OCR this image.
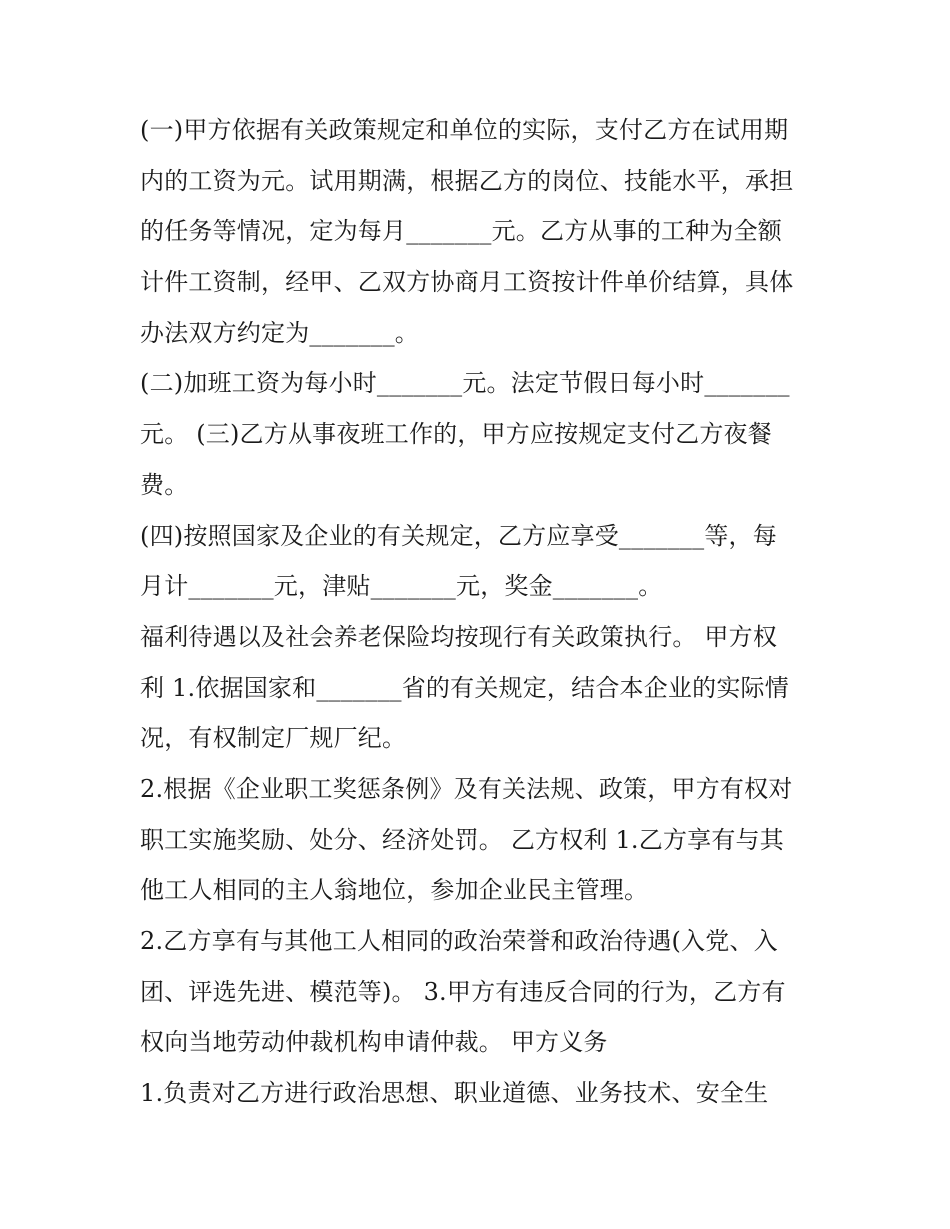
(一)甲方依据有关政策规定和单位的实际，支付乙方在试用期
内的工资为元。试用期满，根据乙方的岗位、技能水平，承担
的任务等情况，定为每月_______元。乙方从事的工种为全额
计件工资制，经甲、乙双方协商月工资按计件单价结算，具体
办法双方约定为_______。
(二)加班工资为每小时_______元。法定节假日每小时_______
元。 (三)乙方从事夜班工作的，甲方应按规定支付乙方夜餐
费。
(四)按照国家及企业的有关规定，乙方应享受_______等，每
月计_______元，津贴_______元，奖金_______。
福利待遇以及社会养老保险均按现行有关政策执行。 甲方权
利 1.依据国家和_______省的有关规定，结合本企业的实际情
况，有权制定厂规厂纪。
2.根据《企业职工奖惩条例》及有关法规、政策，甲方有权对
职工实施奖励、处分、经济处罚。 乙方权利 1.乙方享有与其
他工人相同的主人翁地位，参加企业民主管理。
2.乙方享有与其他工人相同的政治荣誉和政治待遇(入党、入
团、评选先进、模范等)。 3.甲方有违反合同的行为，乙方有
权向当地劳动仲裁机构申请仲裁。 甲方义务
1.负责对乙方进行政治思想、职业道德、业务技术、安全生
